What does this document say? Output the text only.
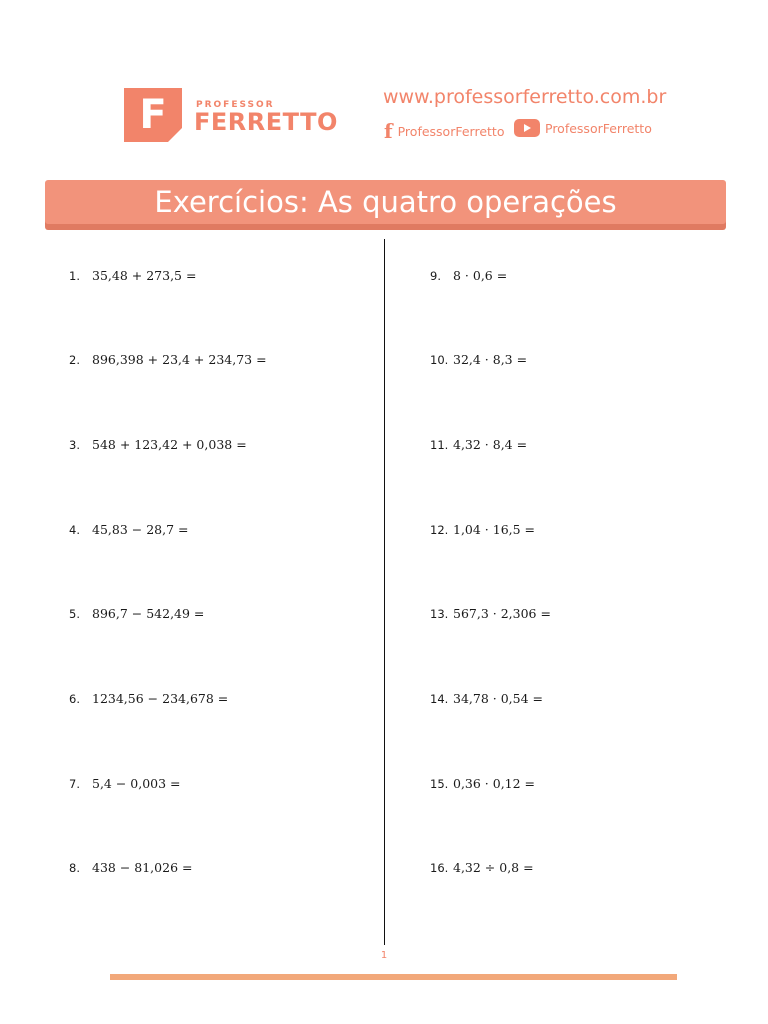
F	PROFESSOR
FERRETTO
www.professorferretto.com.br
f ProfessorFerretto	ProfessorFerretto
Exercícios: As quatro operações
1. 35,48 + 273,5 =
2. 896,398 + 23,4 + 234,73 =
3. 548 + 123,42 + 0,038 =
4. 45,83 − 28,7 =
5. 896,7 − 542,49 =
6. 1234,56 − 234,678 =
7. 5,4 − 0,003 =
8. 438 − 81,026 =
9. 8 · 0,6 =
10. 32,4 · 8,3 =
11. 4,32 · 8,4 =
12. 1,04 · 16,5 =
13. 567,3 · 2,306 =
14. 34,78 · 0,54 =
15. 0,36 · 0,12 =
16. 4,32 ÷ 0,8 =
1
